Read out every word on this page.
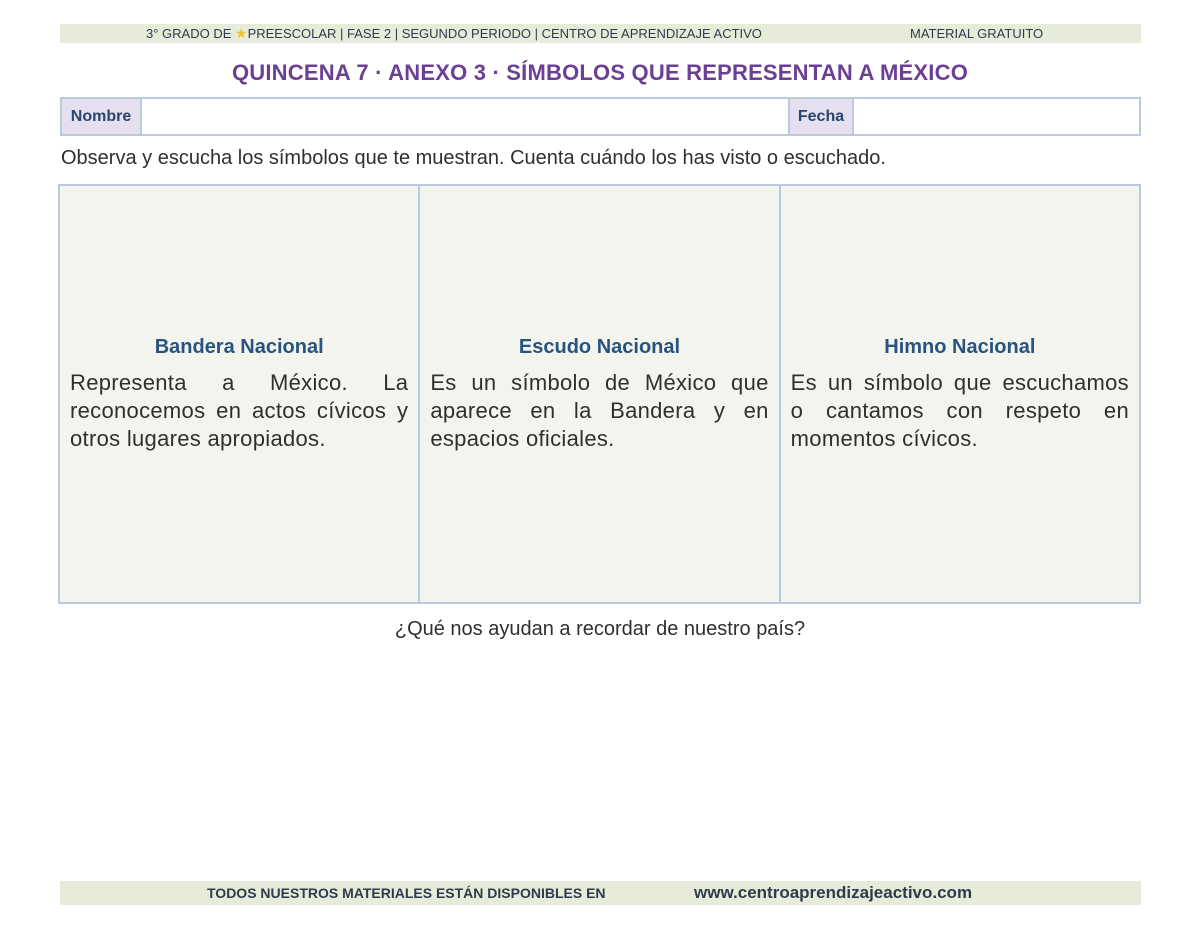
3° GRADO DE ★PREESCOLAR | FASE 2 | SEGUNDO PERIODO | CENTRO DE APRENDIZAJE ACTIVO	MATERIAL GRATUITO
QUINCENA 7 · ANEXO 3 · SÍMBOLOS QUE REPRESENTAN A MÉXICO
Nombre	Fecha
Observa y escucha los símbolos que te muestran. Cuenta cuándo los has visto o escuchado.
Bandera Nacional
Representa a México. La reconocemos en actos cívicos y otros lugares apropiados.
Escudo Nacional
Es un símbolo de México que aparece en la Bandera y en espacios oficiales.
Himno Nacional
Es un símbolo que escuchamos o cantamos con respeto en momentos cívicos.
¿Qué nos ayudan a recordar de nuestro país?
TODOS NUESTROS MATERIALES ESTÁN DISPONIBLES EN	www.centroaprendizajeactivo.com
